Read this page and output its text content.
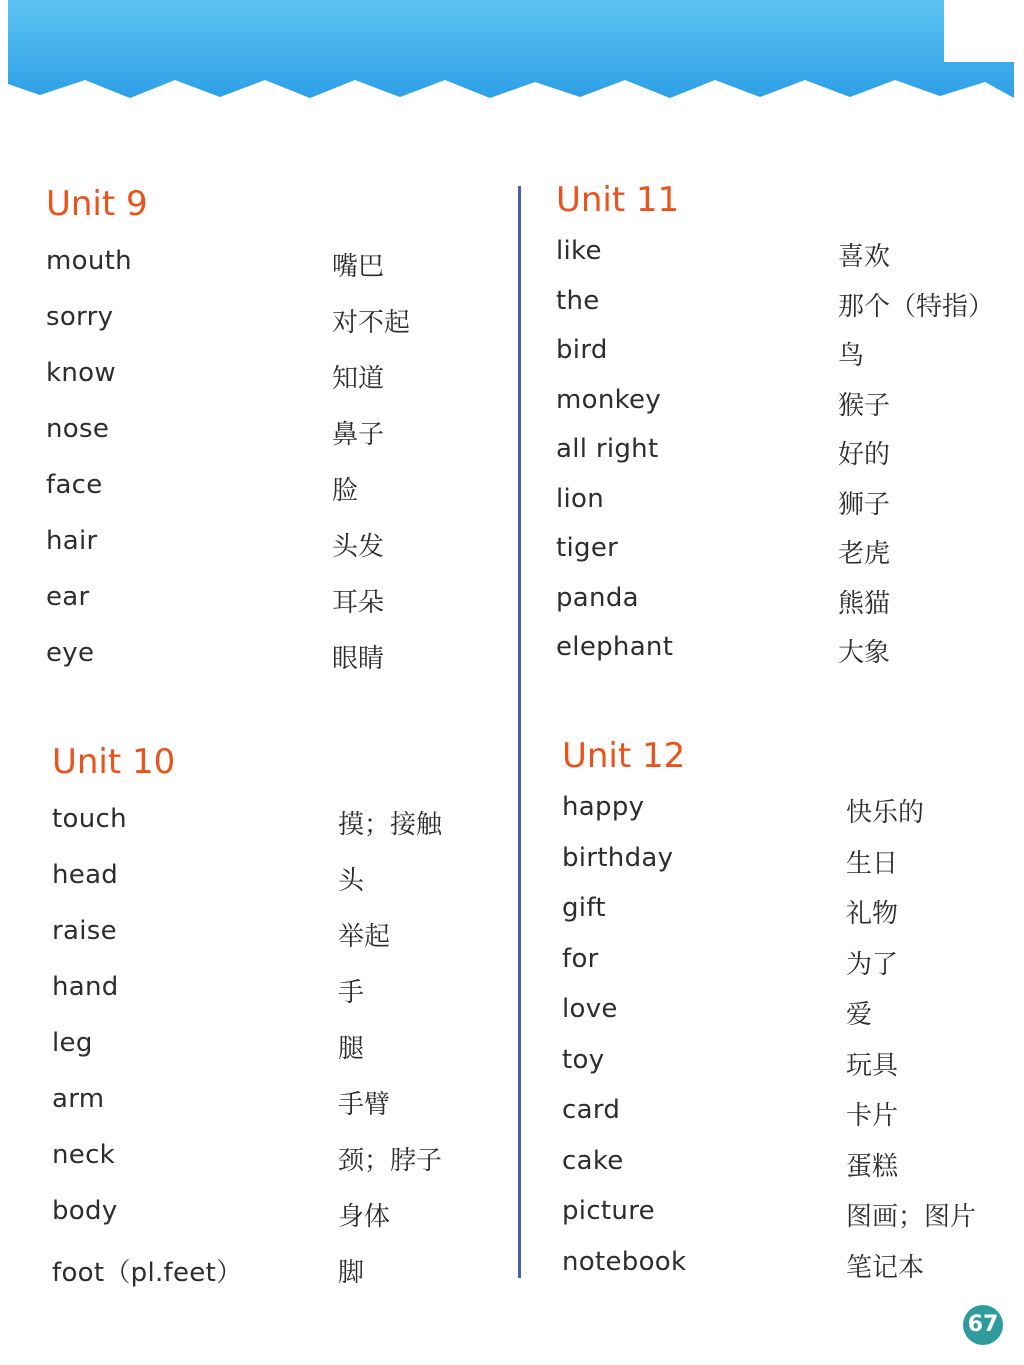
Unit 9
mouth	嘴巴
sorry	对不起
know	知道
nose	鼻子
face	脸
hair	头发
ear	耳朵
eye	眼睛
Unit 10
touch	摸；接触
head	头
raise	举起
hand	手
leg	腿
arm	手臂
neck	颈；脖子
body	身体
foot（pl.feet）	脚
Unit 11
like	喜欢
the	那个（特指）
bird	鸟
monkey	猴子
all right	好的
lion	狮子
tiger	老虎
panda	熊猫
elephant	大象
Unit 12
happy	快乐的
birthday	生日
gift	礼物
for	为了
love	爱
toy	玩具
card	卡片
cake	蛋糕
picture	图画；图片
notebook	笔记本
67
